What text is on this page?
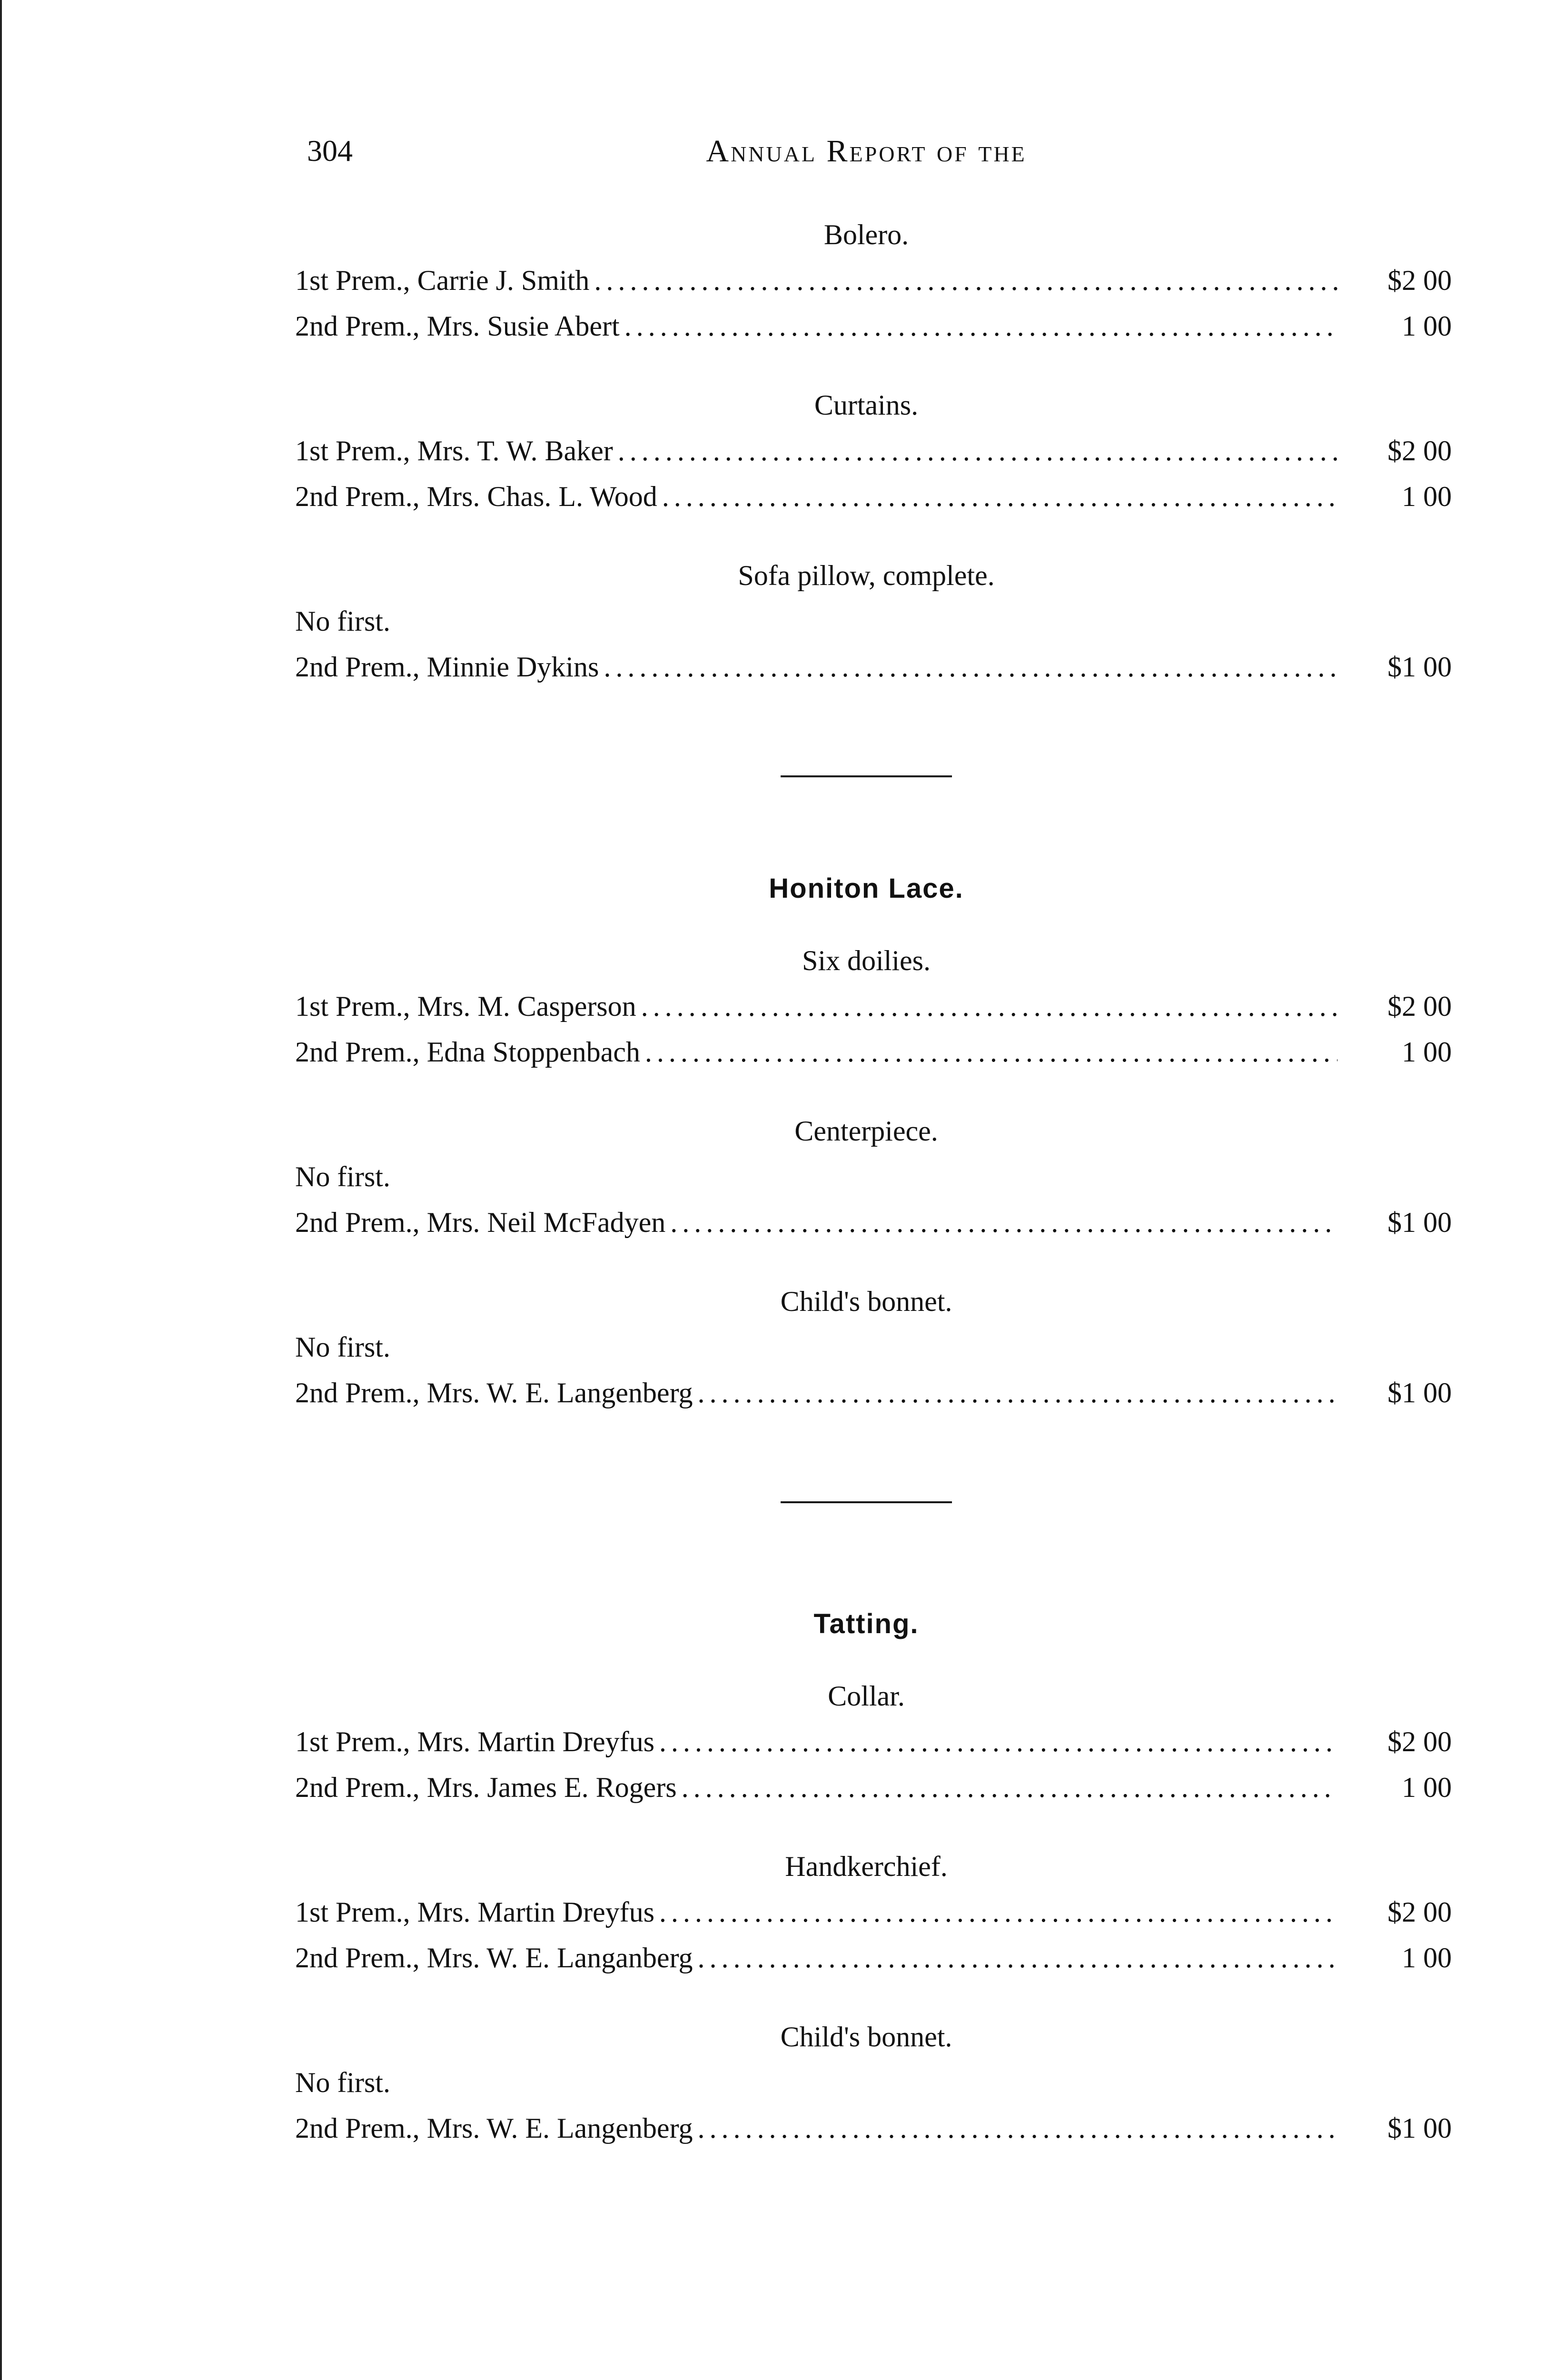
304	Annual Report of the
Bolero.
1st Prem., Carrie J. Smith .....	$2 00
2nd Prem., Mrs. Susie Abert .....	1 00
Curtains.
1st Prem., Mrs. T. W. Baker .....	$2 00
2nd Prem., Mrs. Chas. L. Wood .....	1 00
Sofa pillow, complete.
No first.
2nd Prem., Minnie Dykins .....	$1 00
Honiton Lace.
Six doilies.
1st Prem., Mrs. M. Casperson .....	$2 00
2nd Prem., Edna Stoppenbach .....	1 00
Centerpiece.
No first.
2nd Prem., Mrs. Neil McFadyen .....	$1 00
Child's bonnet.
No first.
2nd Prem., Mrs. W. E. Langenberg .....	$1 00
Tatting.
Collar.
1st Prem., Mrs. Martin Dreyfus .....	$2 00
2nd Prem., Mrs. James E. Rogers .....	1 00
Handkerchief.
1st Prem., Mrs. Martin Dreyfus .....	$2 00
2nd Prem., Mrs. W. E. Langanberg .....	1 00
Child's bonnet.
No first.
2nd Prem., Mrs. W. E. Langenberg .....	$1 00
